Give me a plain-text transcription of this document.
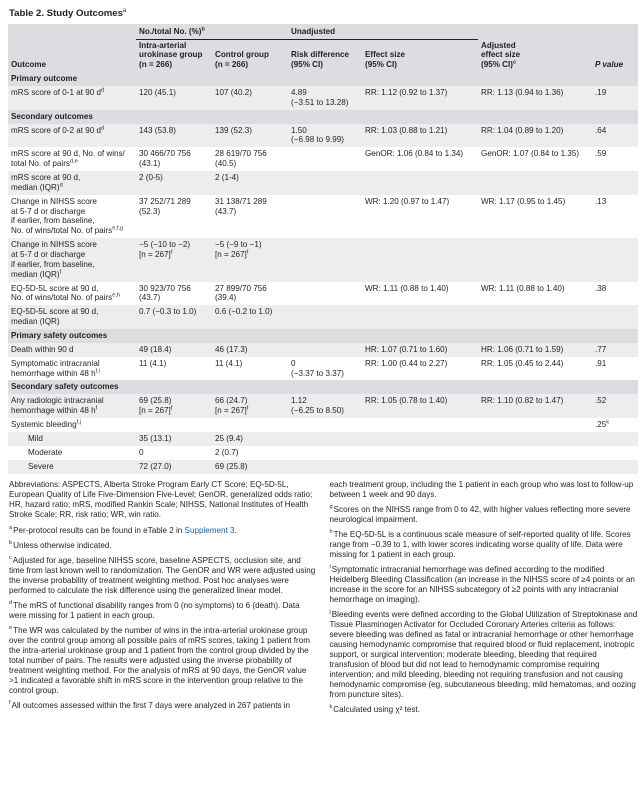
Table 2. Study Outcomes$^a$
	No./total No. (%)$^b$		Unadjusted			
Outcome	Intra-arterial
urokinase group
(n = 266)	Control group
(n = 266)	Risk difference
(95% CI)	Effect size
(95% CI)	Adjusted
effect size
(95% CI)$^c$	P value
Primary outcome						
mRS score of 0-1 at 90 $d^d$	120 (45.1)	107 (40.2)	4.89
(−3.51 to 13.28)	RR: 1.12 (0.92 to 1.37)	RR: 1.13 (0.94 to 1.36)	.19
Secondary outcomes						
mRS score of 0-2 at 90 $d^d$	143 (53.8)	139 (52.3)	1.50
(−6.98 to 9.99)	RR: 1.03 (0.88 to 1.21)	RR: 1.04 (0.89 to 1.20)	.64
mRS score at 90 d, No. of wins/
total No. of pairs$^{d,e}$	30 466/70 756
(43.1)	28 619/70 756
(40.5)		GenOR: 1.06 (0.84 to 1.34)	GenOR: 1.07 (0.84 to 1.35)	.59
mRS score at 90 d,
median (IQR)$^d$	2 (0-5)	2 (1-4)				
Change in NIHSS score
at 5-7 d or discharge
if earlier, from baseline,
No. of wins/total No. of pairs$^{e,f,g}$	37 252/71 289
(52.3)	31 138/71 289
(43.7)		WR: 1.20 (0.97 to 1.47)	WR: 1.17 (0.95 to 1.45)	.13
Change in NIHSS score
at 5-7 d or discharge
if earlier, from baseline,
median (IQR)$^f$	−5 (−10 to −2)
[n = 267]$^f$	−5 (−9 to −1)
[n = 267]$^f$				
EQ-5D-5L score at 90 d,
No. of wins/total No. of pairs$^{e,h}$	30 923/70 756
(43.7)	27 899/70 756
(39.4)		WR: 1.11 (0.88 to 1.40)	WR: 1.11 (0.88 to 1.40)	.38
EQ-5D-5L score at 90 d,
median (IQR)	0.7 (−0.3 to 1.0)	0.6 (−0.2 to 1.0)				
Primary safety outcomes						
Death within 90 d	49 (18.4)	46 (17.3)		HR: 1.07 (0.71 to 1.60)	HR: 1.06 (0.71 to 1.59)	.77
Symptomatic intracranial
hemorrhage within 48 $h^{f,i}$	11 (4.1)	11 (4.1)	0
(−3.37 to 3.37)	RR: 1.00 (0.44 to 2.27)	RR: 1.05 (0.45 to 2.44)	.91
Secondary safety outcomes						
Any radiologic intracranial
hemorrhage within 48 $h^f$	69 (25.8)
[n = 267]$^f$	66 (24.7)
[n = 267]$^f$	1.12
(−6.25 to 8.50)	RR: 1.05 (0.78 to 1.40)	RR: 1.10 (0.82 to 1.47)	.52
Systemic bleeding$^{f,j}$						.25$^k$
Mild	35 (13.1)	25 (9.4)				
Moderate	0	2 (0.7)				
Severe	72 (27.0)	69 (25.8)				
Abbreviations: ASPECTS, Alberta Stroke Program Early CT Score; EQ-5D-5L, European Quality of Life Five-Dimension Five-Level; GenOR, generalized odds ratio; HR, hazard ratio; mRS, modified Rankin Scale; NIHSS, National Institutes of Health Stroke Scale; RR, risk ratio; WR, win ratio.
$^a$Per-protocol results can be found in eTable 2 in Supplement 3.
$^b$Unless otherwise indicated.
$^c$Adjusted for age, baseline NIHSS score, baseline ASPECTS, occlusion site, and time from last known well to randomization. The GenOR and WR were adjusted using the inverse probability of treatment weighting method. Post hoc analyses were performed to calculate the risk difference using the generalized linear model.
$^d$The mRS of functional disability ranges from 0 (no symptoms) to 6 (death). Data were missing for 1 patient in each group.
$^e$The WR was calculated by the number of wins in the intra-arterial urokinase group over the control group among all possible pairs of mRS scores, taking 1 patient from the intra-arterial urokinase group and 1 patient from the control group divided by the total number of pairs. The results were adjusted using the inverse probability of treatment weighting method. For the analysis of mRS at 90 days, the GenOR value >1 indicated a favorable shift in mRS score in the intervention group relative to the control group.
$^f$All outcomes assessed within the first 7 days were analyzed in 267 patients in
each treatment group, including the 1 patient in each group who was lost to follow-up between 1 week and 90 days.
$^g$Scores on the NIHSS range from 0 to 42, with higher values reflecting more severe neurological impairment.
$^h$The EQ-5D-5L is a continuous scale measure of self-reported quality of life. Scores range from −0.39 to 1, with lower scores indicating worse quality of life. Data were missing for 1 patient in each group.
$^i$Symptomatic intracranial hemorrhage was defined according to the modified Heidelberg Bleeding Classification (an increase in the NIHSS score of ≥4 points or an increase in the score for an NIHSS subcategory of ≥2 points with any intracranial hemorrhage on imaging).
$^j$Bleeding events were defined according to the Global Utilization of Streptokinase and Tissue Plasminogen Activator for Occluded Coronary Arteries criteria as follows: severe bleeding was defined as fatal or intracranial hemorrhage or other hemorrhage causing hemodynamic compromise that required blood or fluid replacement, inotropic support, or surgical intervention; moderate bleeding, bleeding that required transfusion of blood but did not lead to hemodynamic compromise requiring intervention; and mild bleeding, bleeding not requiring transfusion and not causing hemodynamic compromise (eg, subcutaneous bleeding, mild hematomas, and oozing from puncture sites).
$^k$Calculated using χ² test.
